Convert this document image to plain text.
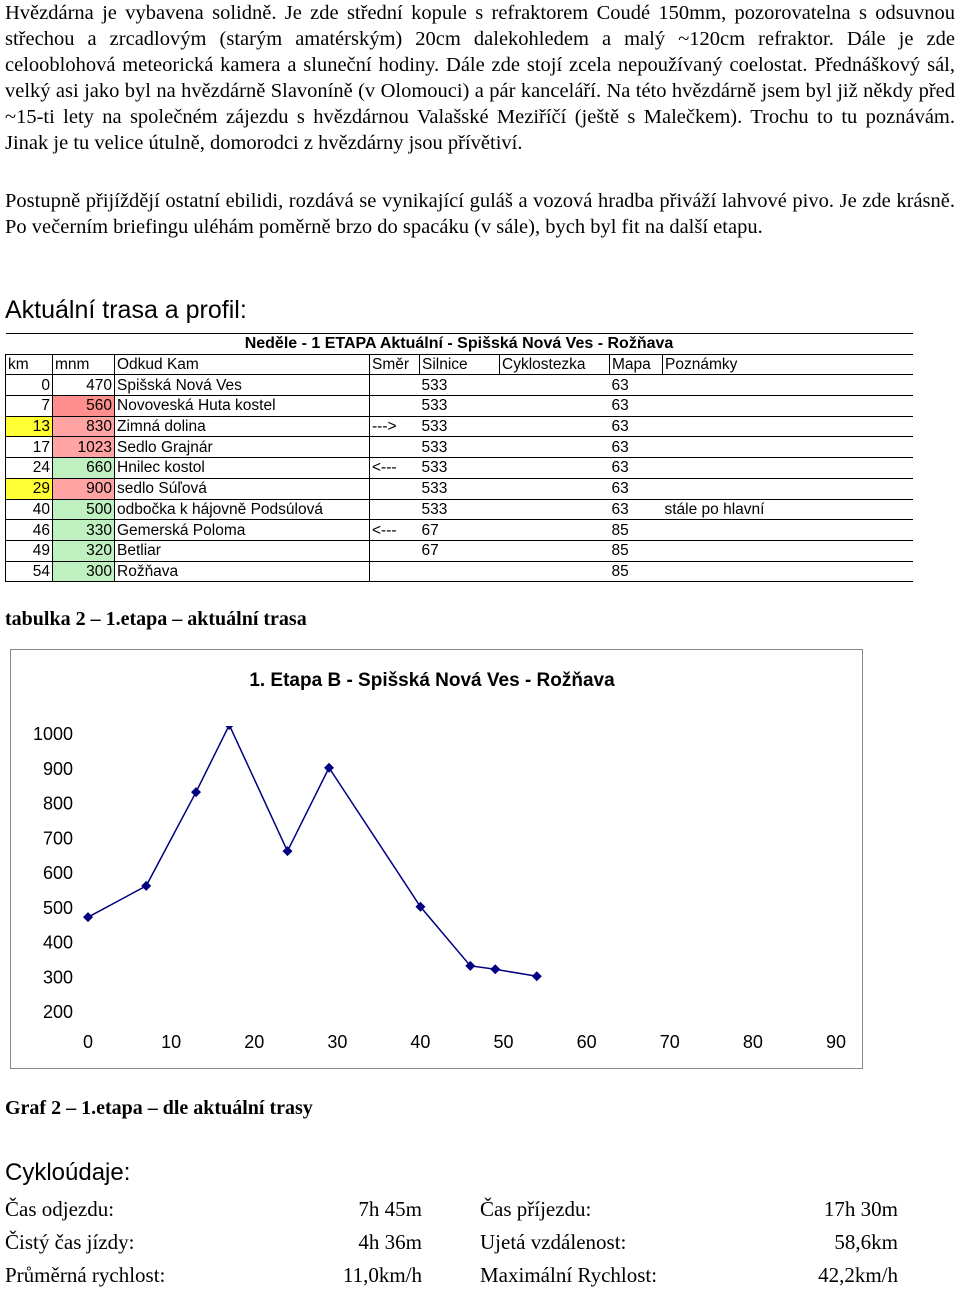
Hvězdárna je vybavena solidně. Je zde střední kopule s refraktorem Coudé 150mm, pozorovatelna s odsuvnou střechou a zrcadlovým (starým amatérským) 20cm dalekohledem a malý ~120cm refraktor. Dále je zde celooblohová meteorická kamera a sluneční hodiny. Dále zde stojí zcela nepoužívaný coelostat. Přednáškový sál, velký asi jako byl na hvězdárně Slavoníně (v Olomouci) a pár kanceláří. Na této hvězdárně jsem byl již někdy před ~15-ti lety na společném zájezdu s hvězdárnou Valašské Meziříčí (ještě s Malečkem). Trochu to tu poznávám. Jinak je tu velice útulně, domorodci z hvězdárny jsou přívětiví.

Postupně přijíždějí ostatní ebilidi, rozdává se vynikající guláš a vozová hradba přiváží lahvové pivo. Je zde krásně. Po večerním briefingu uléhám poměrně brzo do spacáku (v sále), bych byl fit na další etapu.

Aktuální trasa a profil:
Neděle - 1 ETAPA Aktuální - Spišská Nová Ves - Rožňava							
km	mnm	Odkud Kam	Směr	Silnice	Cyklostezka	Mapa	Poznámky
0	470	Spišská Nová Ves		533		63	
7	560	Novoveská Huta kostel		533		63	
13	830	Zimná dolina	--->	533		63	
17	1023	Sedlo Grajnár		533		63	
24	660	Hnilec kostol	<---	533		63	
29	900	sedlo Súľová		533		63	
40	500	odbočka k hájovně Podsúlová		533		63	stále po hlavní
46	330	Gemerská Poloma	<---	67		85	
49	320	Betliar		67		85	
54	300	Rožňava				85	

tabulka 2 – 1.etapa – aktuální trasa

1. Etapa B - Spišská Nová Ves - Rožňava
1000
900
800
700
600
500
400
300
200
0	10	20	30	40	50	60	70	80	90

Graf 2 – 1.etapa – dle aktuální trasy

Cykloúdaje:
Čas odjezdu:	7h 45m	Čas příjezdu:	17h 30m
Čistý čas jízdy:	4h 36m	Ujetá vzdálenost:	58,6km
Průměrná rychlost:	11,0km/h	Maximální Rychlost:	42,2km/h
